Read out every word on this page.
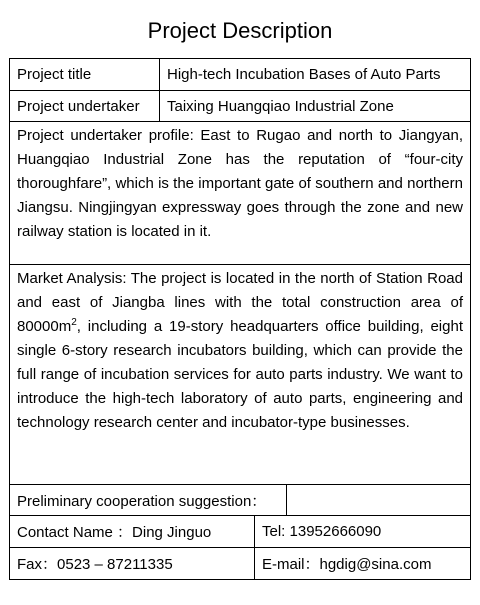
Project Description
Project title	High-tech Incubation Bases of Auto Parts
Project undertaker	Taixing Huangqiao Industrial Zone

Project undertaker profile: East to Rugao and north to Jiangyan, Huangqiao Industrial Zone has the reputation of “four-city thoroughfare”, which is the important gate of southern and northern Jiangsu. Ningjingyan expressway goes through the zone and new railway station is located in it.

Market Analysis: The project is located in the north of Station Road and east of Jiangba lines with the total construction area of $80000m^2$, including a 19-story headquarters office building, eight single 6-story research incubators building, which can provide the full range of incubation services for auto parts industry. We want to introduce the high-tech laboratory of auto parts, engineering and technology research center and incubator-type businesses.

Preliminary cooperation suggestion：
Contact Name ：Ding Jinguo	Tel: 13952666090
Fax：0523 – 87211335	E-mail：hgdig@sina.com
